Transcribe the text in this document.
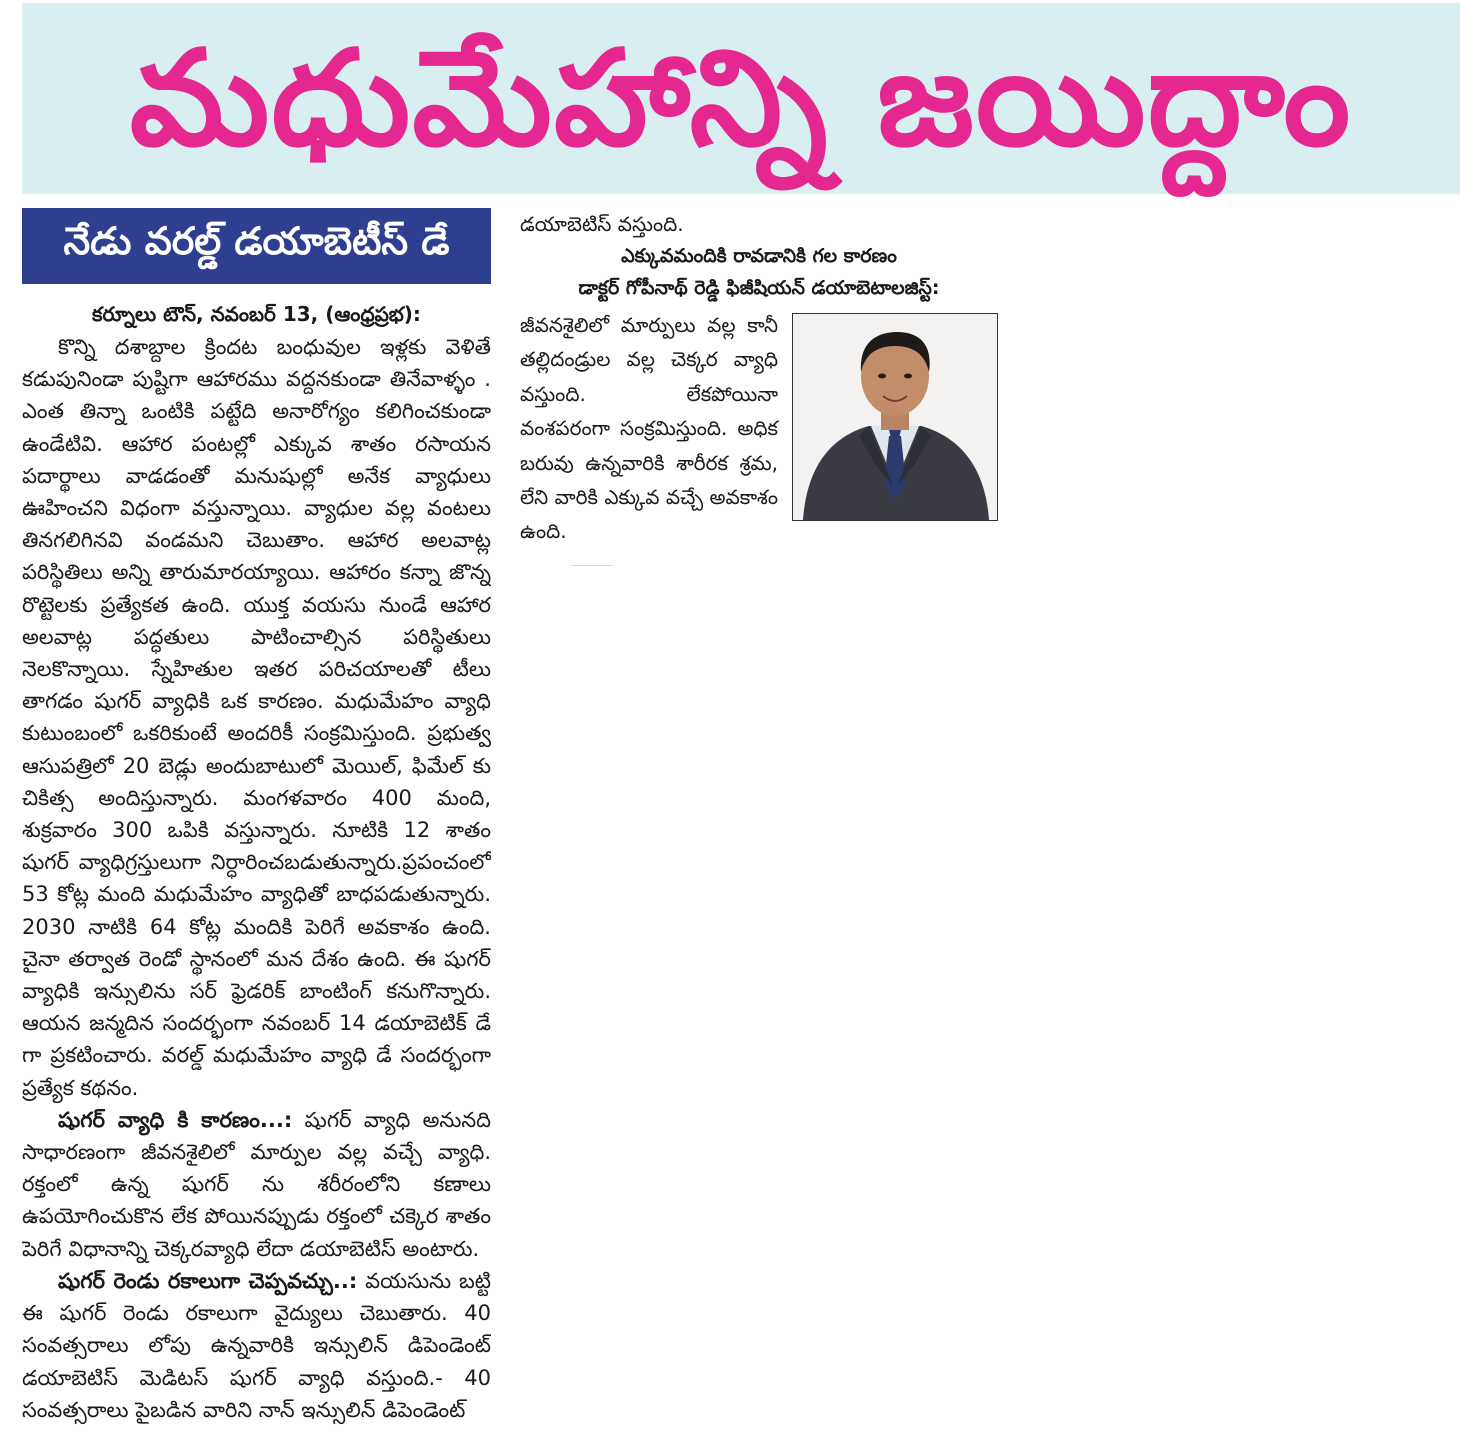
మధుమేహాన్ని జయిద్దాం
నేడు వరల్డ్ డయాబెటీస్ డే

కర్నూలు టౌన్, నవంబర్ 13, (ఆంధ్రప్రభ):

కొన్ని దశాబ్దాల క్రిందట బంధువుల ఇళ్లకు వెళితే కడుపునిండా పుష్టిగా ఆహారము వద్దనకుండా తినేవాళ్ళం . ఎంత తిన్నా ఒంటికి పట్టేది అనారోగ్యం కలిగించకుండా ఉండేటివి. ఆహార పంటల్లో ఎక్కువ శాతం రసాయన పదార్థాలు వాడడంతో మనుషుల్లో అనేక వ్యాధులు ఊహించని విధంగా వస్తున్నాయి. వ్యాధుల వల్ల వంటలు తినగలిగినవి వండమని చెబుతాం. ఆహార అలవాట్ల పరిస్థితిలు అన్ని తారుమారయ్యాయి. ఆహారం కన్నా జొన్న రొట్టెలకు ప్రత్యేకత ఉంది. యుక్త వయసు నుండే ఆహార అలవాట్ల పద్ధతులు పాటించాల్సిన పరిస్థితులు నెలకొన్నాయి. స్నేహితుల ఇతర పరిచయాలతో టీలు తాగడం షుగర్ వ్యాధికి ఒక కారణం. మధుమేహం వ్యాధి కుటుంబంలో ఒకరికుంటే అందరికీ సంక్రమిస్తుంది. ప్రభుత్వ ఆసుపత్రిలో 20 బెడ్లు అందుబాటులో మెయిల్, ఫిమేల్ కు చికిత్స అందిస్తున్నారు. మంగళవారం 400 మంది, శుక్రవారం 300 ఒపికి వస్తున్నారు. నూటికి 12 శాతం షుగర్ వ్యాధిగ్రస్తులుగా నిర్ధారించబడుతున్నారు.ప్రపంచంలో 53 కోట్ల మంది మధుమేహం వ్యాధితో బాధపడుతున్నారు. 2030 నాటికి 64 కోట్ల మందికి పెరిగే అవకాశం ఉంది. చైనా తర్వాత రెండో స్థానంలో మన దేశం ఉంది. ఈ షుగర్ వ్యాధికి ఇన్సులిను సర్ ఫ్రెడరిక్ బాంటింగ్ కనుగొన్నారు. ఆయన జన్మదిన సందర్భంగా నవంబర్ 14 డయాబెటిక్ డే గా ప్రకటించారు. వరల్డ్ మధుమేహం వ్యాధి డే సందర్భంగా ప్రత్యేక కథనం.

షుగర్ వ్యాధి కి కారణం...: షుగర్ వ్యాధి అనునది సాధారణంగా జీవనశైలిలో మార్పుల వల్ల వచ్చే వ్యాధి. రక్తంలో ఉన్న షుగర్ ను శరీరంలోని కణాలు ఉపయోగించుకొన లేక పోయినప్పుడు రక్తంలో చక్కెర శాతం పెరిగే విధానాన్ని చెక్కరవ్యాధి లేదా డయాబెటిస్ అంటారు.

షుగర్ రెండు రకాలుగా చెప్పవచ్చు..: వయసును బట్టి ఈ షుగర్ రెండు రకాలుగా వైద్యులు చెబుతారు. 40 సంవత్సరాలు లోపు ఉన్నవారికి ఇన్సులిన్ డిపెండెంట్ డయాబెటిస్ మెడిటస్ షుగర్ వ్యాధి వస్తుంది.- 40 సంవత్సరాలు పైబడిన వారిని నాన్ ఇన్సులిన్ డిపెండెంట్

డయాబెటిస్ వస్తుంది.

ఎక్కువమందికి రావడానికి గల కారణం

డాక్టర్ గోపీనాథ్ రెడ్డి ఫిజీషియన్ డయాబెటాలజిస్ట్:

జీవనశైలిలో మార్పులు వల్ల కానీ తల్లిదండ్రుల వల్ల చెక్కర వ్యాధి వస్తుంది. లేకపోయినా వంశపరంగా సంక్రమిస్తుంది. అధిక బరువు ఉన్నవారికి శారీరక శ్రమ, లేని వారికి ఎక్కువ వచ్చే అవకాశం ఉంది.
